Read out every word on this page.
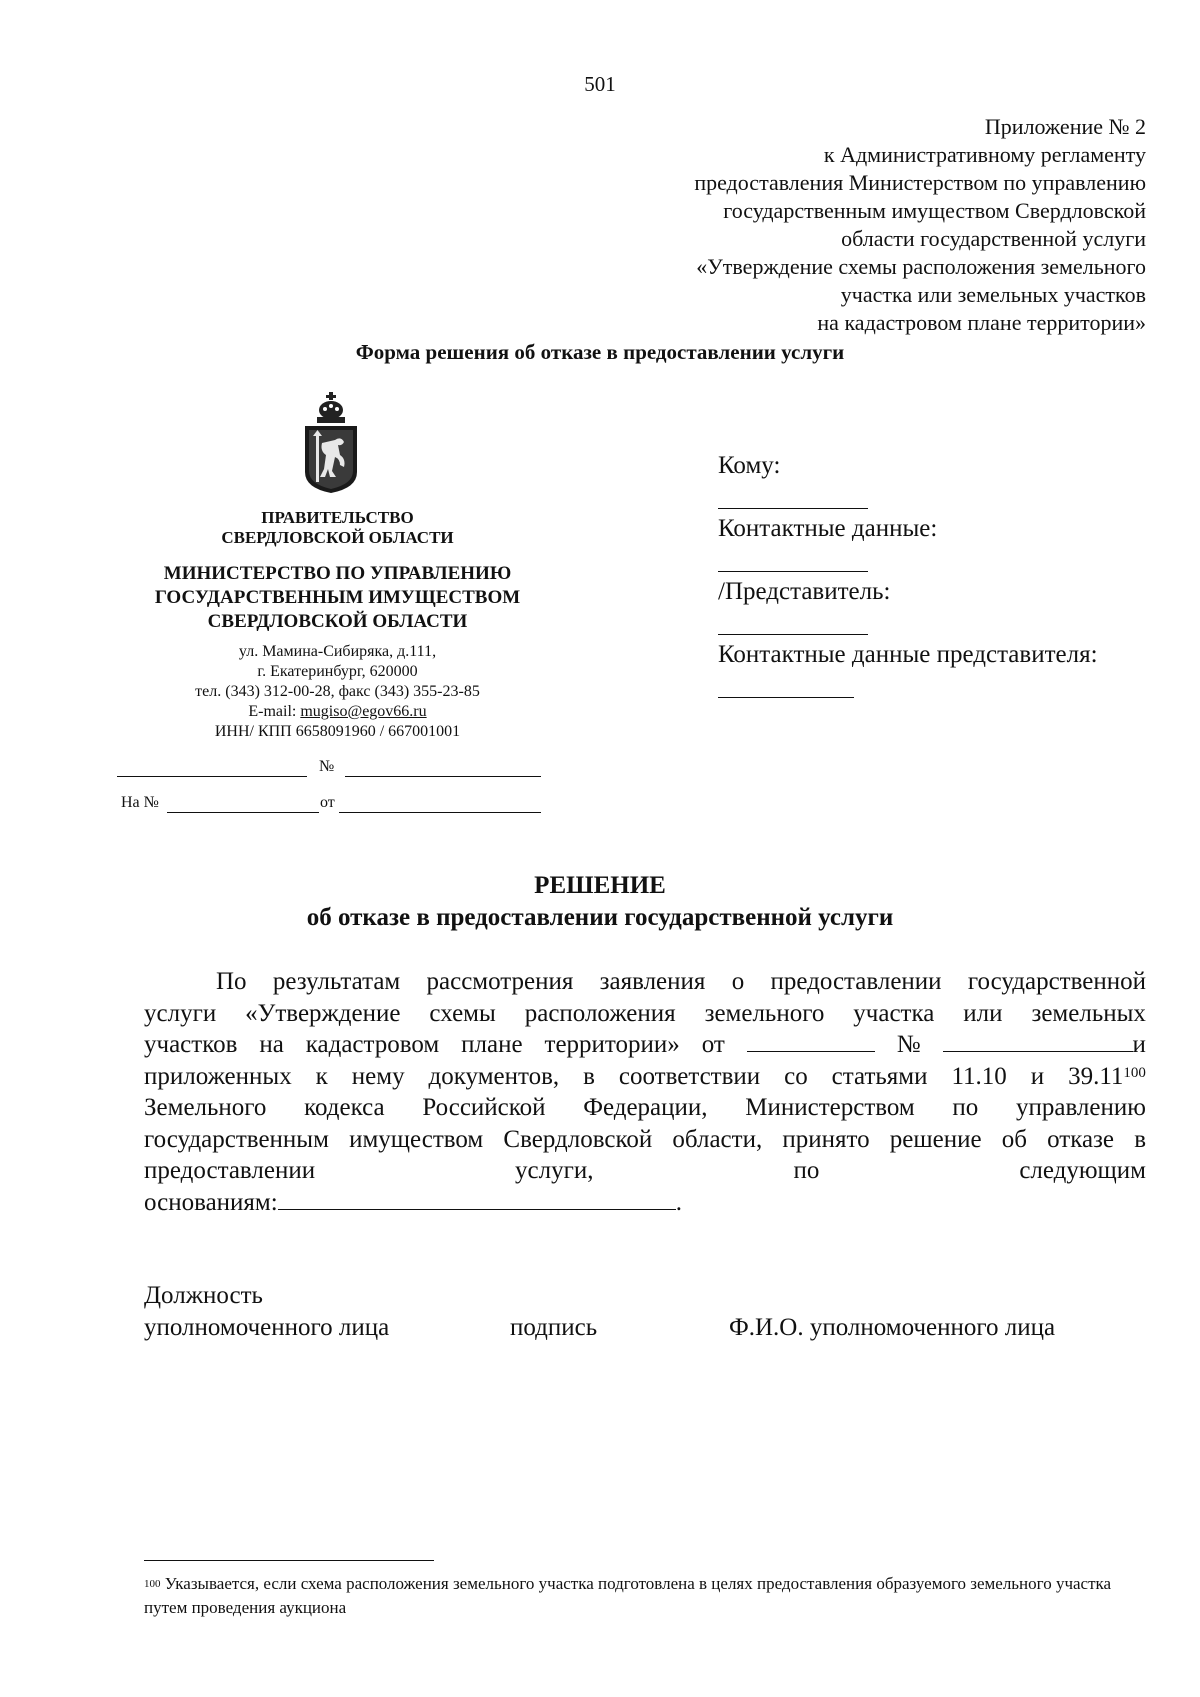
501
Приложение № 2
к Административному регламенту
предоставления Министерством по управлению
государственным имуществом Свердловской
области государственной услуги
«Утверждение схемы расположения земельного
участка или земельных участков
на кадастровом плане территории»
Форма решения об отказе в предоставлении услуги
ПРАВИТЕЛЬСТВО
СВЕРДЛОВСКОЙ ОБЛАСТИ
МИНИСТЕРСТВО ПО УПРАВЛЕНИЮ
ГОСУДАРСТВЕННЫМ ИМУЩЕСТВОМ
СВЕРДЛОВСКОЙ ОБЛАСТИ
ул. Мамина-Сибиряка, д.111,
г. Екатеринбург, 620000
тел. (343) 312-00-28, факс (343) 355-23-85
E-mail: mugiso@egov66.ru
ИНН/ КПП 6658091960 / 667001001
№
На №	от
Кому:
Контактные данные:
/Представитель:
Контактные данные представителя:
РЕШЕНИЕ
об отказе в предоставлении государственной услуги
По результатам рассмотрения заявления о предоставлении государственной
услуги «Утверждение схемы расположения земельного участка или земельных
участков на кадастровом плане территории» от	№	и
приложенных к нему документов, в соответствии со статьями 11.10 и 39.11$^{100}$
Земельного кодекса Российской Федерации, Министерством по управлению
государственным имуществом Свердловской области, принято решение об отказе в
предоставлении	услуги,	по	следующим
основаниям:	.
Должность
уполномоченного лица	подпись	Ф.И.О. уполномоченного лица
$^{100}$ Указывается, если схема расположения земельного участка подготовлена в целях предоставления образуемого земельного участка путем проведения аукциона
